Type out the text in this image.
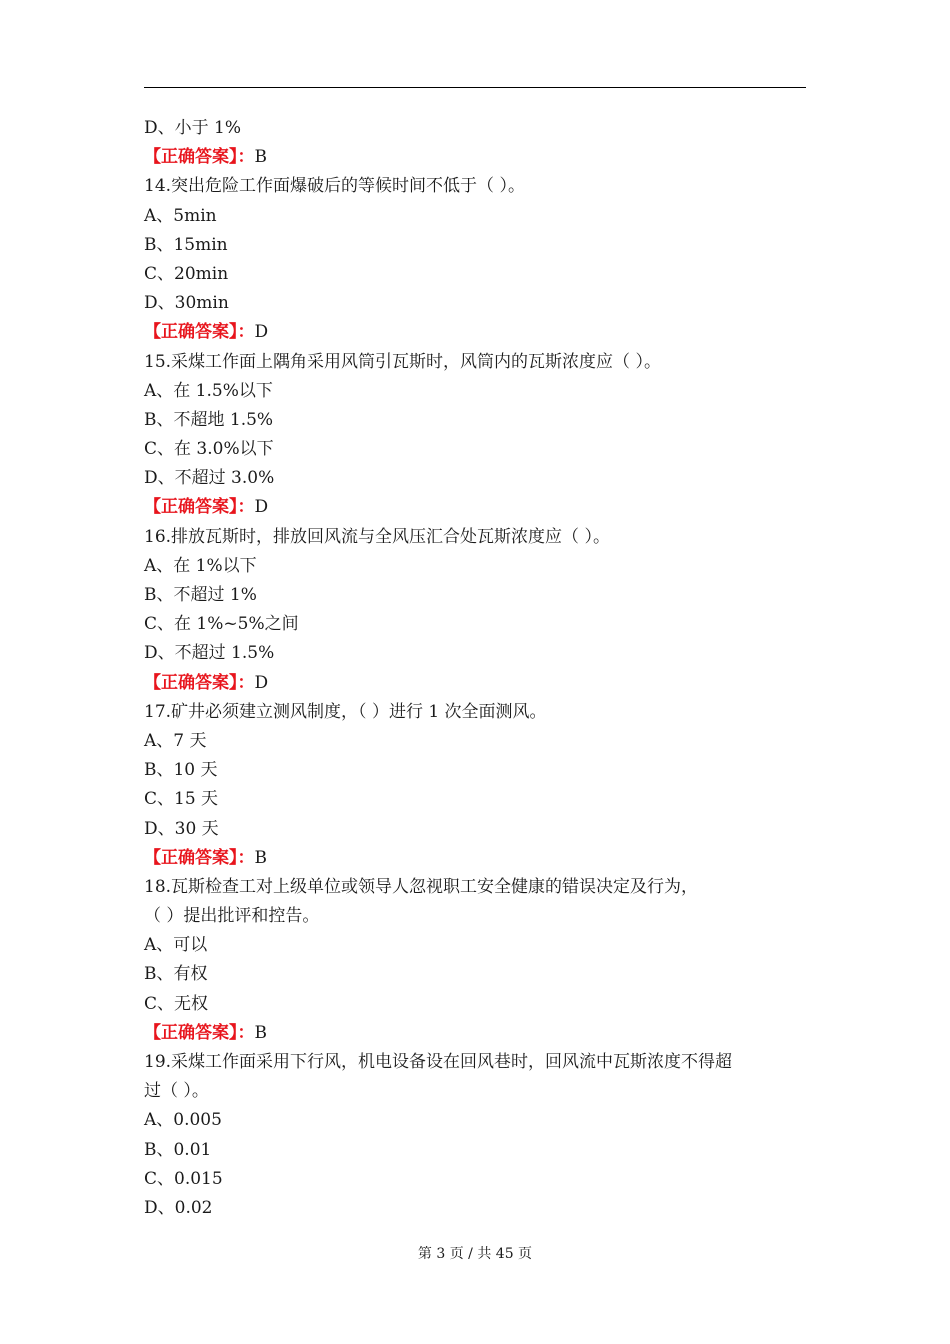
D、小于 1%
【正确答案】：B
14.突出危险工作面爆破后的等候时间不低于（ ）。
A、5min
B、15min
C、20min
D、30min
【正确答案】：D
15.采煤工作面上隅角采用风筒引瓦斯时，风筒内的瓦斯浓度应（ ）。
A、在 1.5%以下
B、不超地 1.5%
C、在 3.0%以下
D、不超过 3.0%
【正确答案】：D
16.排放瓦斯时，排放回风流与全风压汇合处瓦斯浓度应（ ）。
A、在 1%以下
B、不超过 1%
C、在 1%~5%之间
D、不超过 1.5%
【正确答案】：D
17.矿井必须建立测风制度，（ ）进行 1 次全面测风。
A、7 天
B、10 天
C、15 天
D、30 天
【正确答案】：B
18.瓦斯检查工对上级单位或领导人忽视职工安全健康的错误决定及行为，
（ ）提出批评和控告。
A、可以
B、有权
C、无权
【正确答案】：B
19.采煤工作面采用下行风，机电设备设在回风巷时，回风流中瓦斯浓度不得超
过（ ）。
A、0.005
B、0.01
C、0.015
D、0.02
第 3 页 / 共 45 页
